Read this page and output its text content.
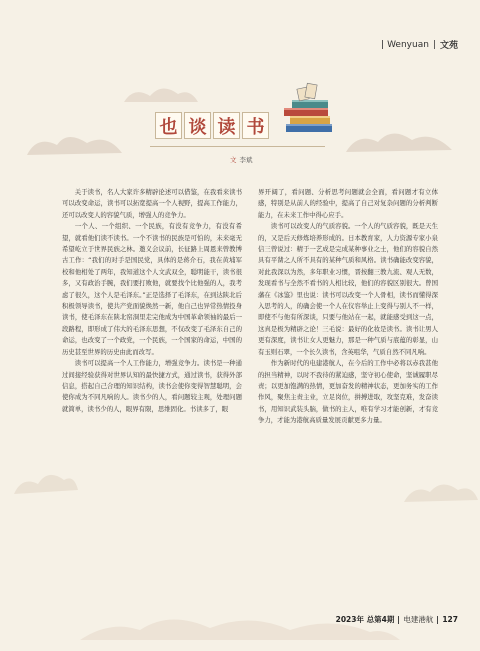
Wenyuan | 文苑
也 谈 读 书
文 李斌

关于读书，名人大家许多精辟论述可以借鉴，在我看来读书可以改变命运，读书可以拓宽提高一个人视野，提高工作能力，还可以改变人的容貌气质，增强人的竞争力。

一个人、一个组织、一个民族，有没有竞争力，有没有希望，就看他们读不读书。一个不读书的民族是可怕的，未来毫无希望屹立于世界民族之林。邀义会议前，长征路上周恩来曾教博古工作：“我们的对手是国民党，具体的是蒋介石，我在黄埔军校和他相处了两年，我知道这个人文武双全，聪明能干，读书很多，又有政治手腕，我们要打败他，就要找个比他强的人，我考虑了很久，这个人是毛泽东。”正是选择了毛泽东，在到达陕北后积极领导读书，使共产党面貌焕然一新，他自己也异常热情投身读书，使毛泽东在陕北窑洞里走完他成为中国革命领袖的最后一段路程，即形成了伟大的毛泽东思想，不仅改变了毛泽东自己的命运，也改变了一个政党，一个民族，一个国家的命运，中国的历史甚至世界的历史由此而改写。

读书可以提高一个人工作能力，增强竞争力。读书是一种通过间接经验获得对世界认知的最快捷方式，通过读书，获得外部信息，搭起自己合理的知识结构，读书会使你变得智慧聪明，会使你成为不同凡响的人。读书少的人，看问题较主观，处理问题就简单，读书少的人，眼界有限，思维固化。书读多了，眼

界开阔了，看问题、分析思考问题就会全面，看问题才有立体感，特别是从前人的经验中，提高了自己对复杂问题的分析判断能力，在未来工作中得心应手。

读书可以改变人的气质容貌。一个人的气质容貌，既是天生的，又是后天修炼培养形成的。日本教育家，人力资源专家小泉信三曾说过：精于一艺成是完成某种事业之士，他们的容貌自然具有平凿之人所不具有的某种气质和风格。读书确能改变容貌，对此我深以为然，多年职业习惯，晋按翻三教九流、观人无数，发现看书与全然不看书的人相比较，他们的容貌区别很大。曾国藩在《冰鉴》里也说：读书可以改变一个人骨相，读书而懂得深入思考的人，的确会使一个人在仪容举止上变得与别人不一样，即使不与他有所深谈，只要与他站在一起，就能感受到这一点，这真是极为精辟之论！三毛说：最好的化妆是读书。读书让男人更有深度，读书让女人更魅力，那是一种气质与底蕴的彰显，山有玉则石翠，一个长久读书，含英咀华，气质自然不同凡响。

作为新时代的电建港航人，在今后的工作中必将以赤我甚他的担当精神，以时不我待的紧迫感，坚守初心使命，坚诚履职尽责；以更加饱满的热情，更加奋发的精神状态，更加务实的工作作风，聚焦主责主业，立足岗位，拼搏进取，攻坚克难，发奋读书，用知识武装头脑，做书的主人，唯有学习才能创新，才有竞争力，才能为港航高质量发展贡献更多力量。

2023年 总第4期 电建港航 127
